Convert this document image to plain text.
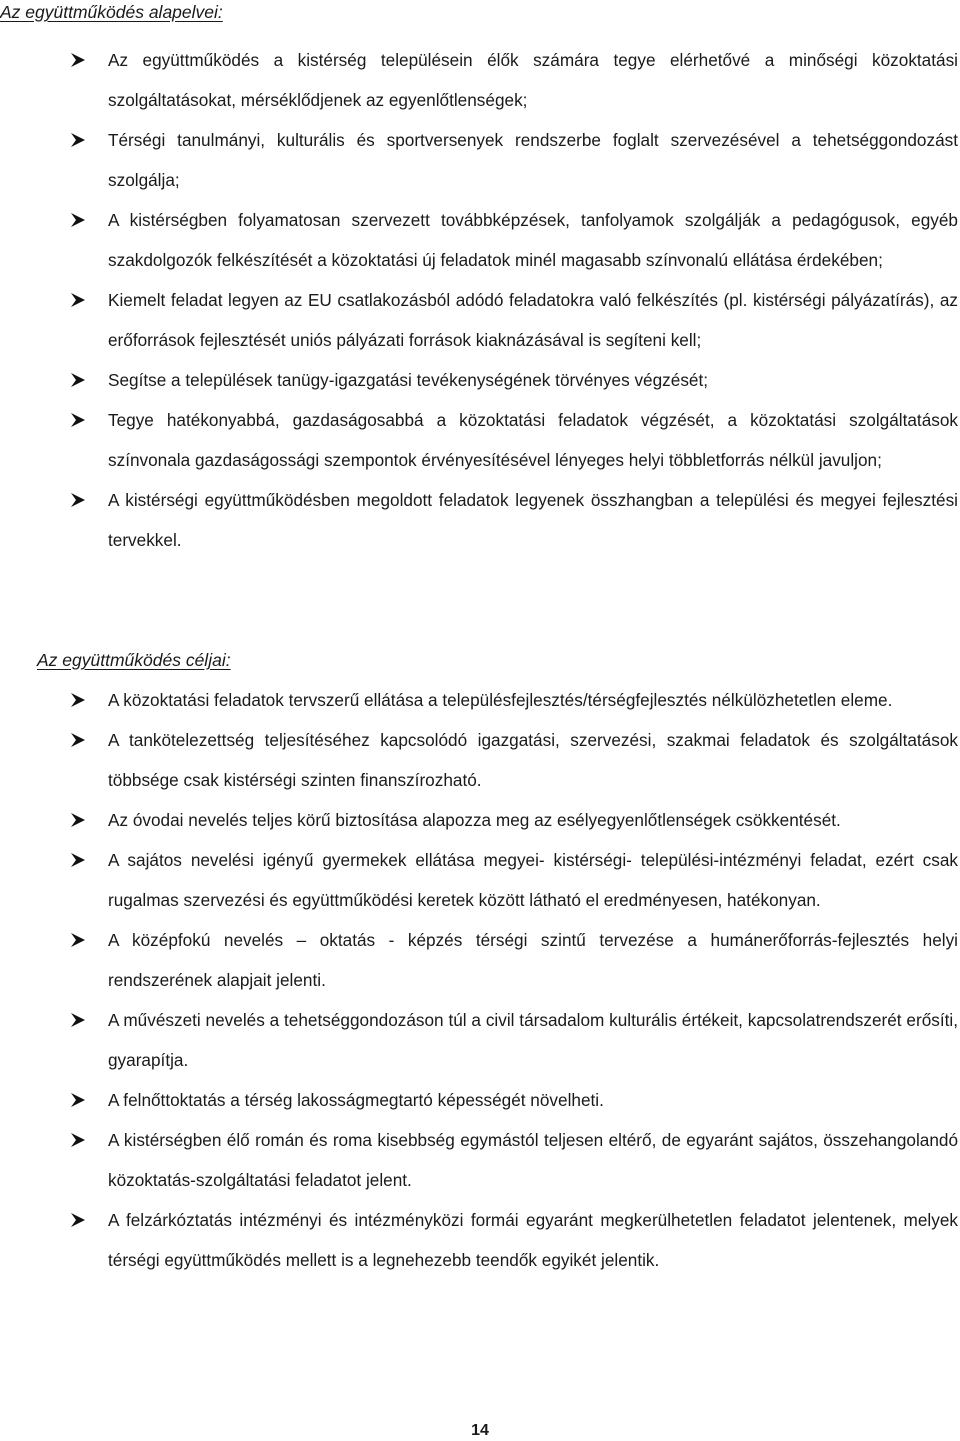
Az együttműködés alapelvei:
Az együttműködés a kistérség településein élők számára tegye elérhetővé a minőségi közoktatási szolgáltatásokat, mérséklődjenek az egyenlőtlenségek;
Térségi tanulmányi, kulturális és sportversenyek rendszerbe foglalt szervezésével a tehetséggondozást szolgálja;
A kistérségben folyamatosan szervezett továbbképzések, tanfolyamok szolgálják a pedagógusok, egyéb szakdolgozók felkészítését a közoktatási új feladatok minél magasabb színvonalú ellátása érdekében;
Kiemelt feladat legyen az EU csatlakozásból adódó feladatokra való felkészítés (pl. kistérségi pályázatírás), az erőforrások fejlesztését uniós pályázati források kiaknázásával is segíteni kell;
Segítse a települések tanügy-igazgatási tevékenységének törvényes végzését;
Tegye hatékonyabbá, gazdaságosabbá a közoktatási feladatok végzését, a közoktatási szolgáltatások színvonala gazdaságossági szempontok érvényesítésével lényeges helyi többletforrás nélkül javuljon;
A kistérségi együttműködésben megoldott feladatok legyenek összhangban a települési és megyei fejlesztési tervekkel.
Az együttműködés céljai:
A közoktatási feladatok tervszerű ellátása a településfejlesztés/térségfejlesztés nélkülözhetetlen eleme.
A tankötelezettség teljesítéséhez kapcsolódó igazgatási, szervezési, szakmai feladatok és szolgáltatások többsége csak kistérségi szinten finanszírozható.
Az óvodai nevelés teljes körű biztosítása alapozza meg az esélyegyenlőtlenségek csökkentését.
A sajátos nevelési igényű gyermekek ellátása megyei- kistérségi- települési-intézményi feladat, ezért csak rugalmas szervezési és együttműködési keretek között látható el eredményesen, hatékonyan.
A középfokú nevelés – oktatás - képzés térségi szintű tervezése a humánerőforrás-fejlesztés helyi rendszerének alapjait jelenti.
A művészeti nevelés a tehetséggondozáson túl a civil társadalom kulturális értékeit, kapcsolatrendszerét erősíti, gyarapítja.
A felnőttoktatás a térség lakosságmegtartó képességét növelheti.
A kistérségben élő román és roma kisebbség egymástól teljesen eltérő, de egyaránt sajátos, összehangolandó közoktatás-szolgáltatási feladatot jelent.
A felzárkóztatás intézményi és intézményközi formái egyaránt megkerülhetetlen feladatot jelentenek, melyek térségi együttműködés mellett is a legnehezebb teendők egyikét jelentik.
14
